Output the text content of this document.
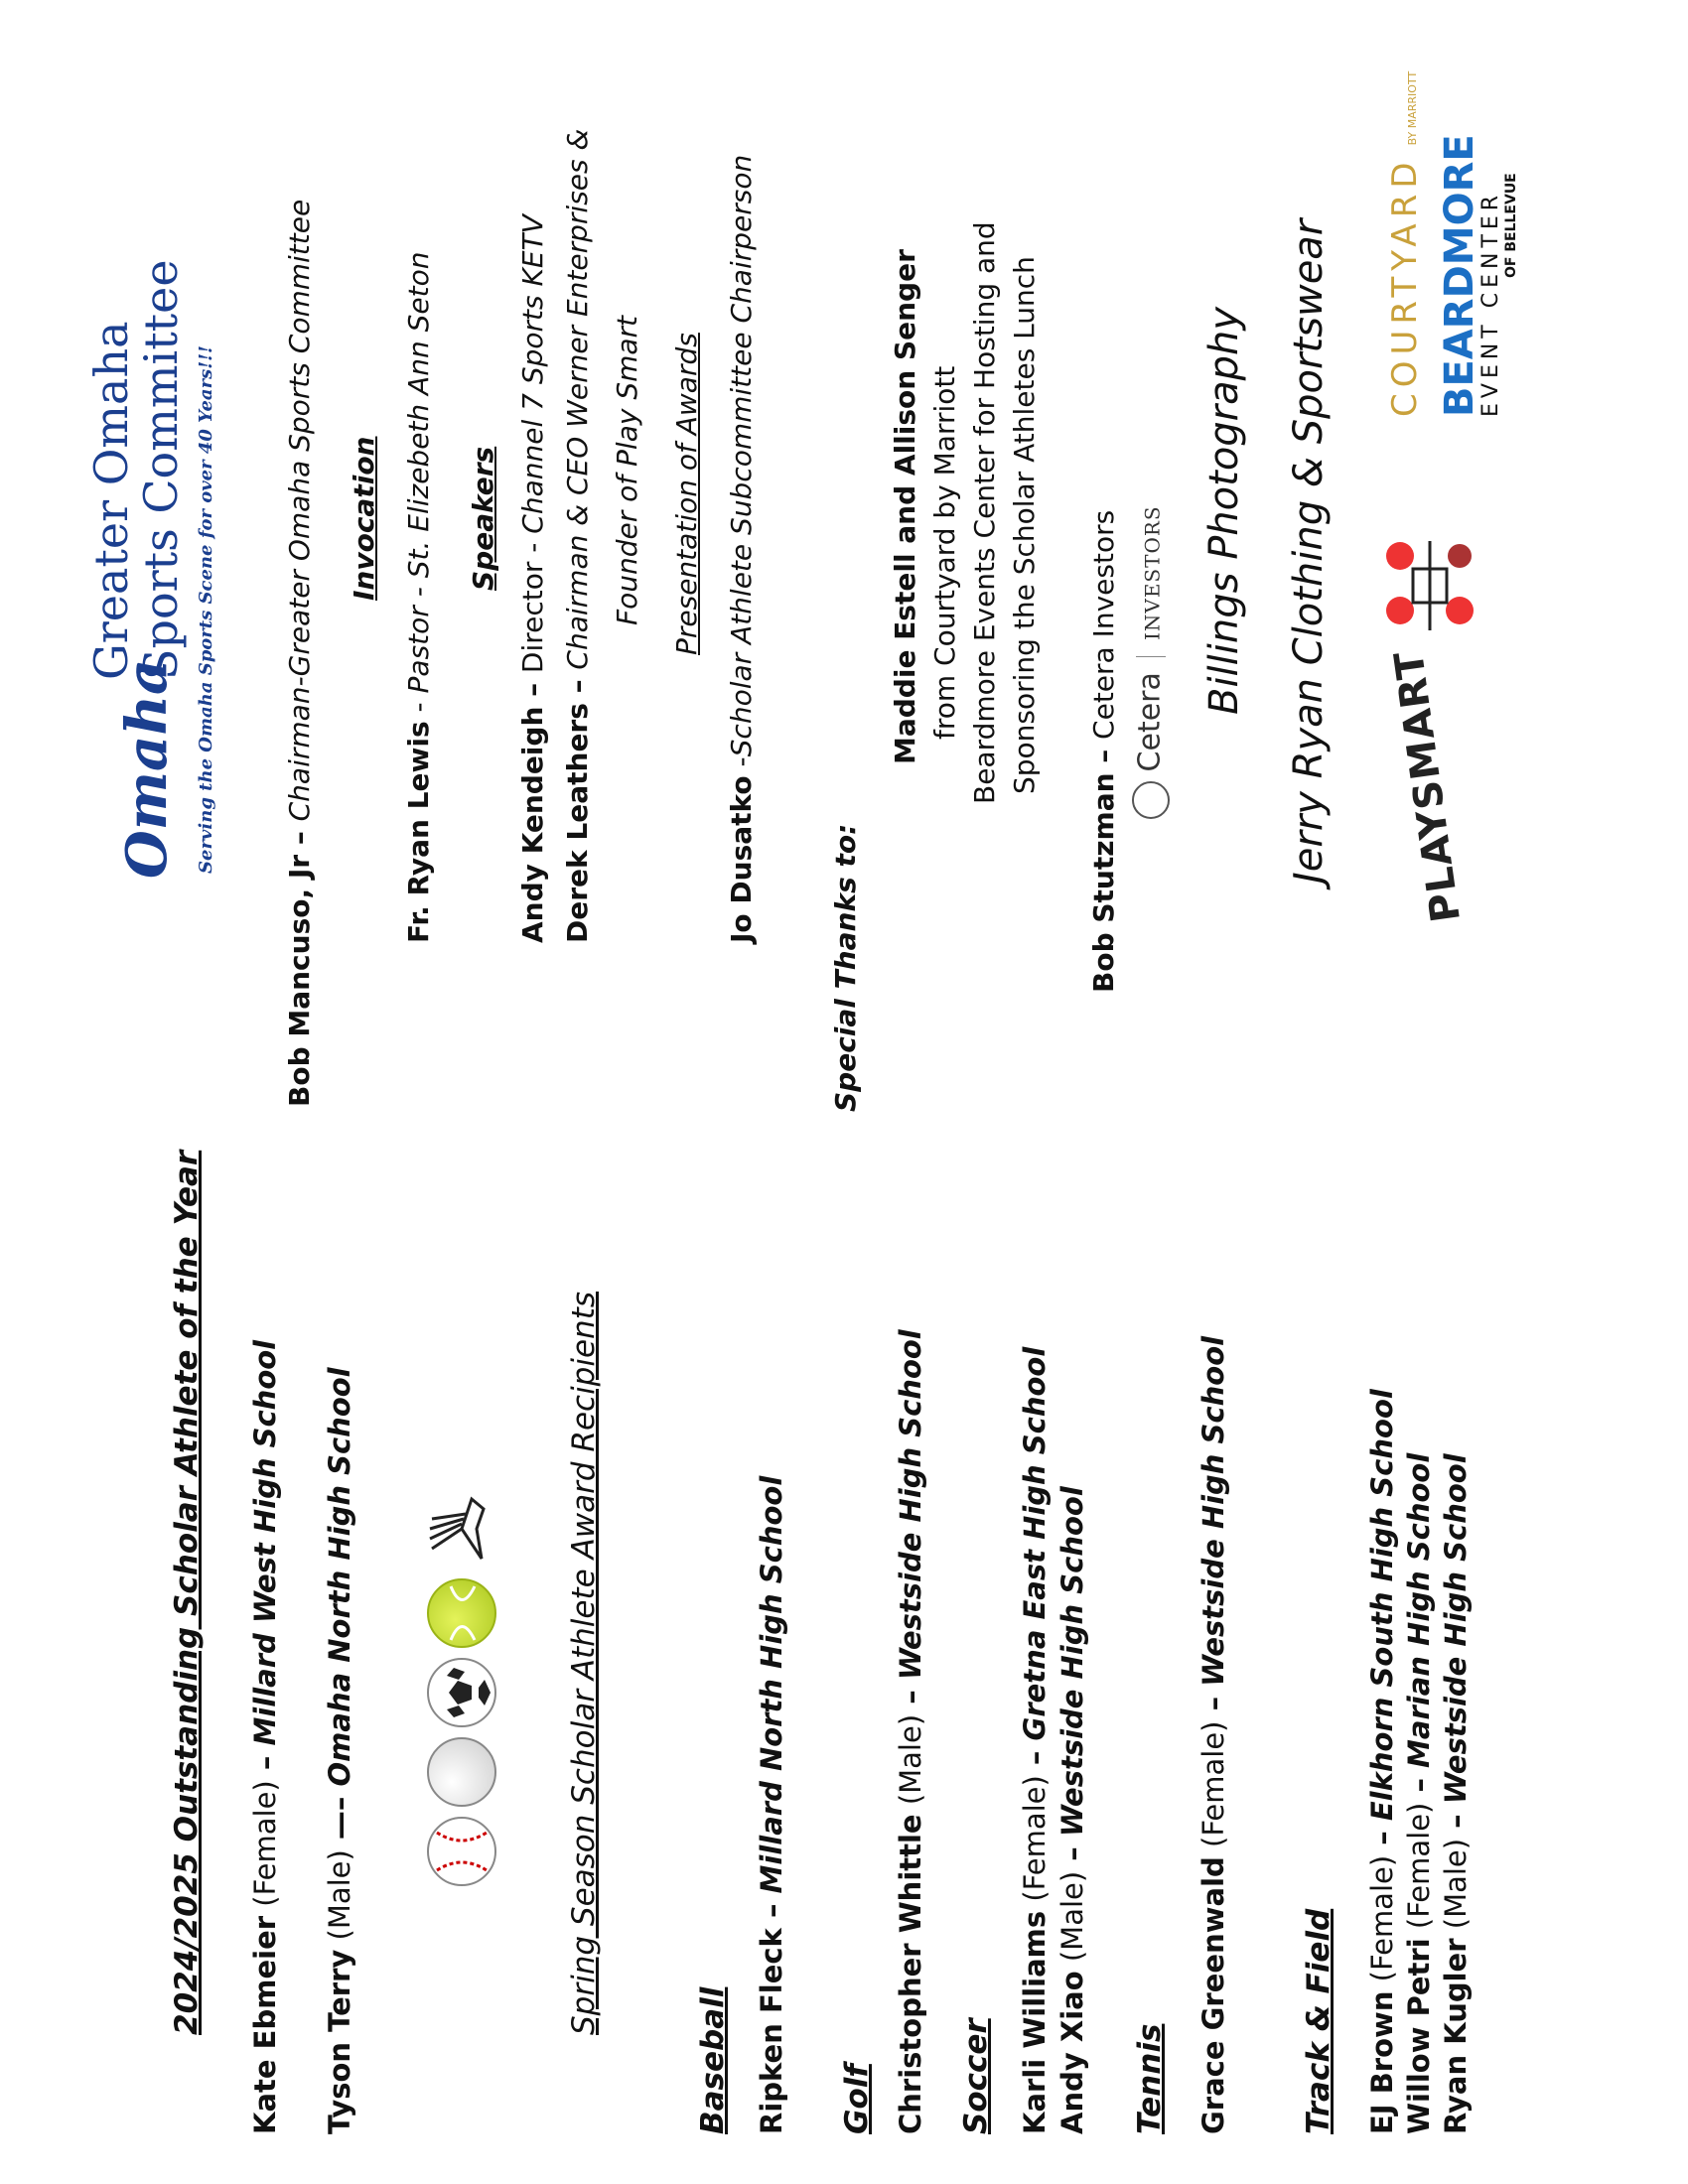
2024/2025 Outstanding Scholar Athlete of the Year Kate Ebmeier (Female) – Millard West High School
Tyson Terry (Male) —– Omaha North High School	Spring Season Scholar Athlete Award Recipients
Baseball Ripken Fleck – Millard North High School
Golf Christopher Whittle (Male) – Westside High School
Soccer Karli Williams (Female) – Gretna East High School
Andy Xiao (Male) – Westside High School
Tennis Grace Greenwald (Female) – Westside High School
Track & Field EJ Brown (Female) – Elkhorn South High School
Willow Petri (Female) – Marian High School
Ryan Kugler (Male) – Westside High School
Omaha
Greater Omaha
Sports Committee Serving the Omaha Sports Scene for over 40 Years!!!
Bob Mancuso, Jr – Chairman-Greater Omaha Sports Committee Invocation
Fr. Ryan Lewis - Pastor - St. Elizebeth Ann Seton Speakers
Andy Kendeigh – Director - Channel 7 Sports KETV
Derek Leathers – Chairman & CEO Werner Enterprises & Founder of Play Smart Presentation of Awards
Jo Dusatko -Scholar Athlete Subcommittee Chairperson
Special Thanks to:
Maddie Estell and Allison Senger from Courtyard by Marriott Beardmore Events Center for Hosting and Sponsoring the Scholar Athletes Lunch
Bob Stutzman – Cetera Investors Cetera  INVESTORS Billings Photography Jerry Ryan Clothing & Sportswear PLAYSMART
COURTYARD BY MARRIOTT
BEARDMORE
EVENT CENTER OF BELLEVUE
